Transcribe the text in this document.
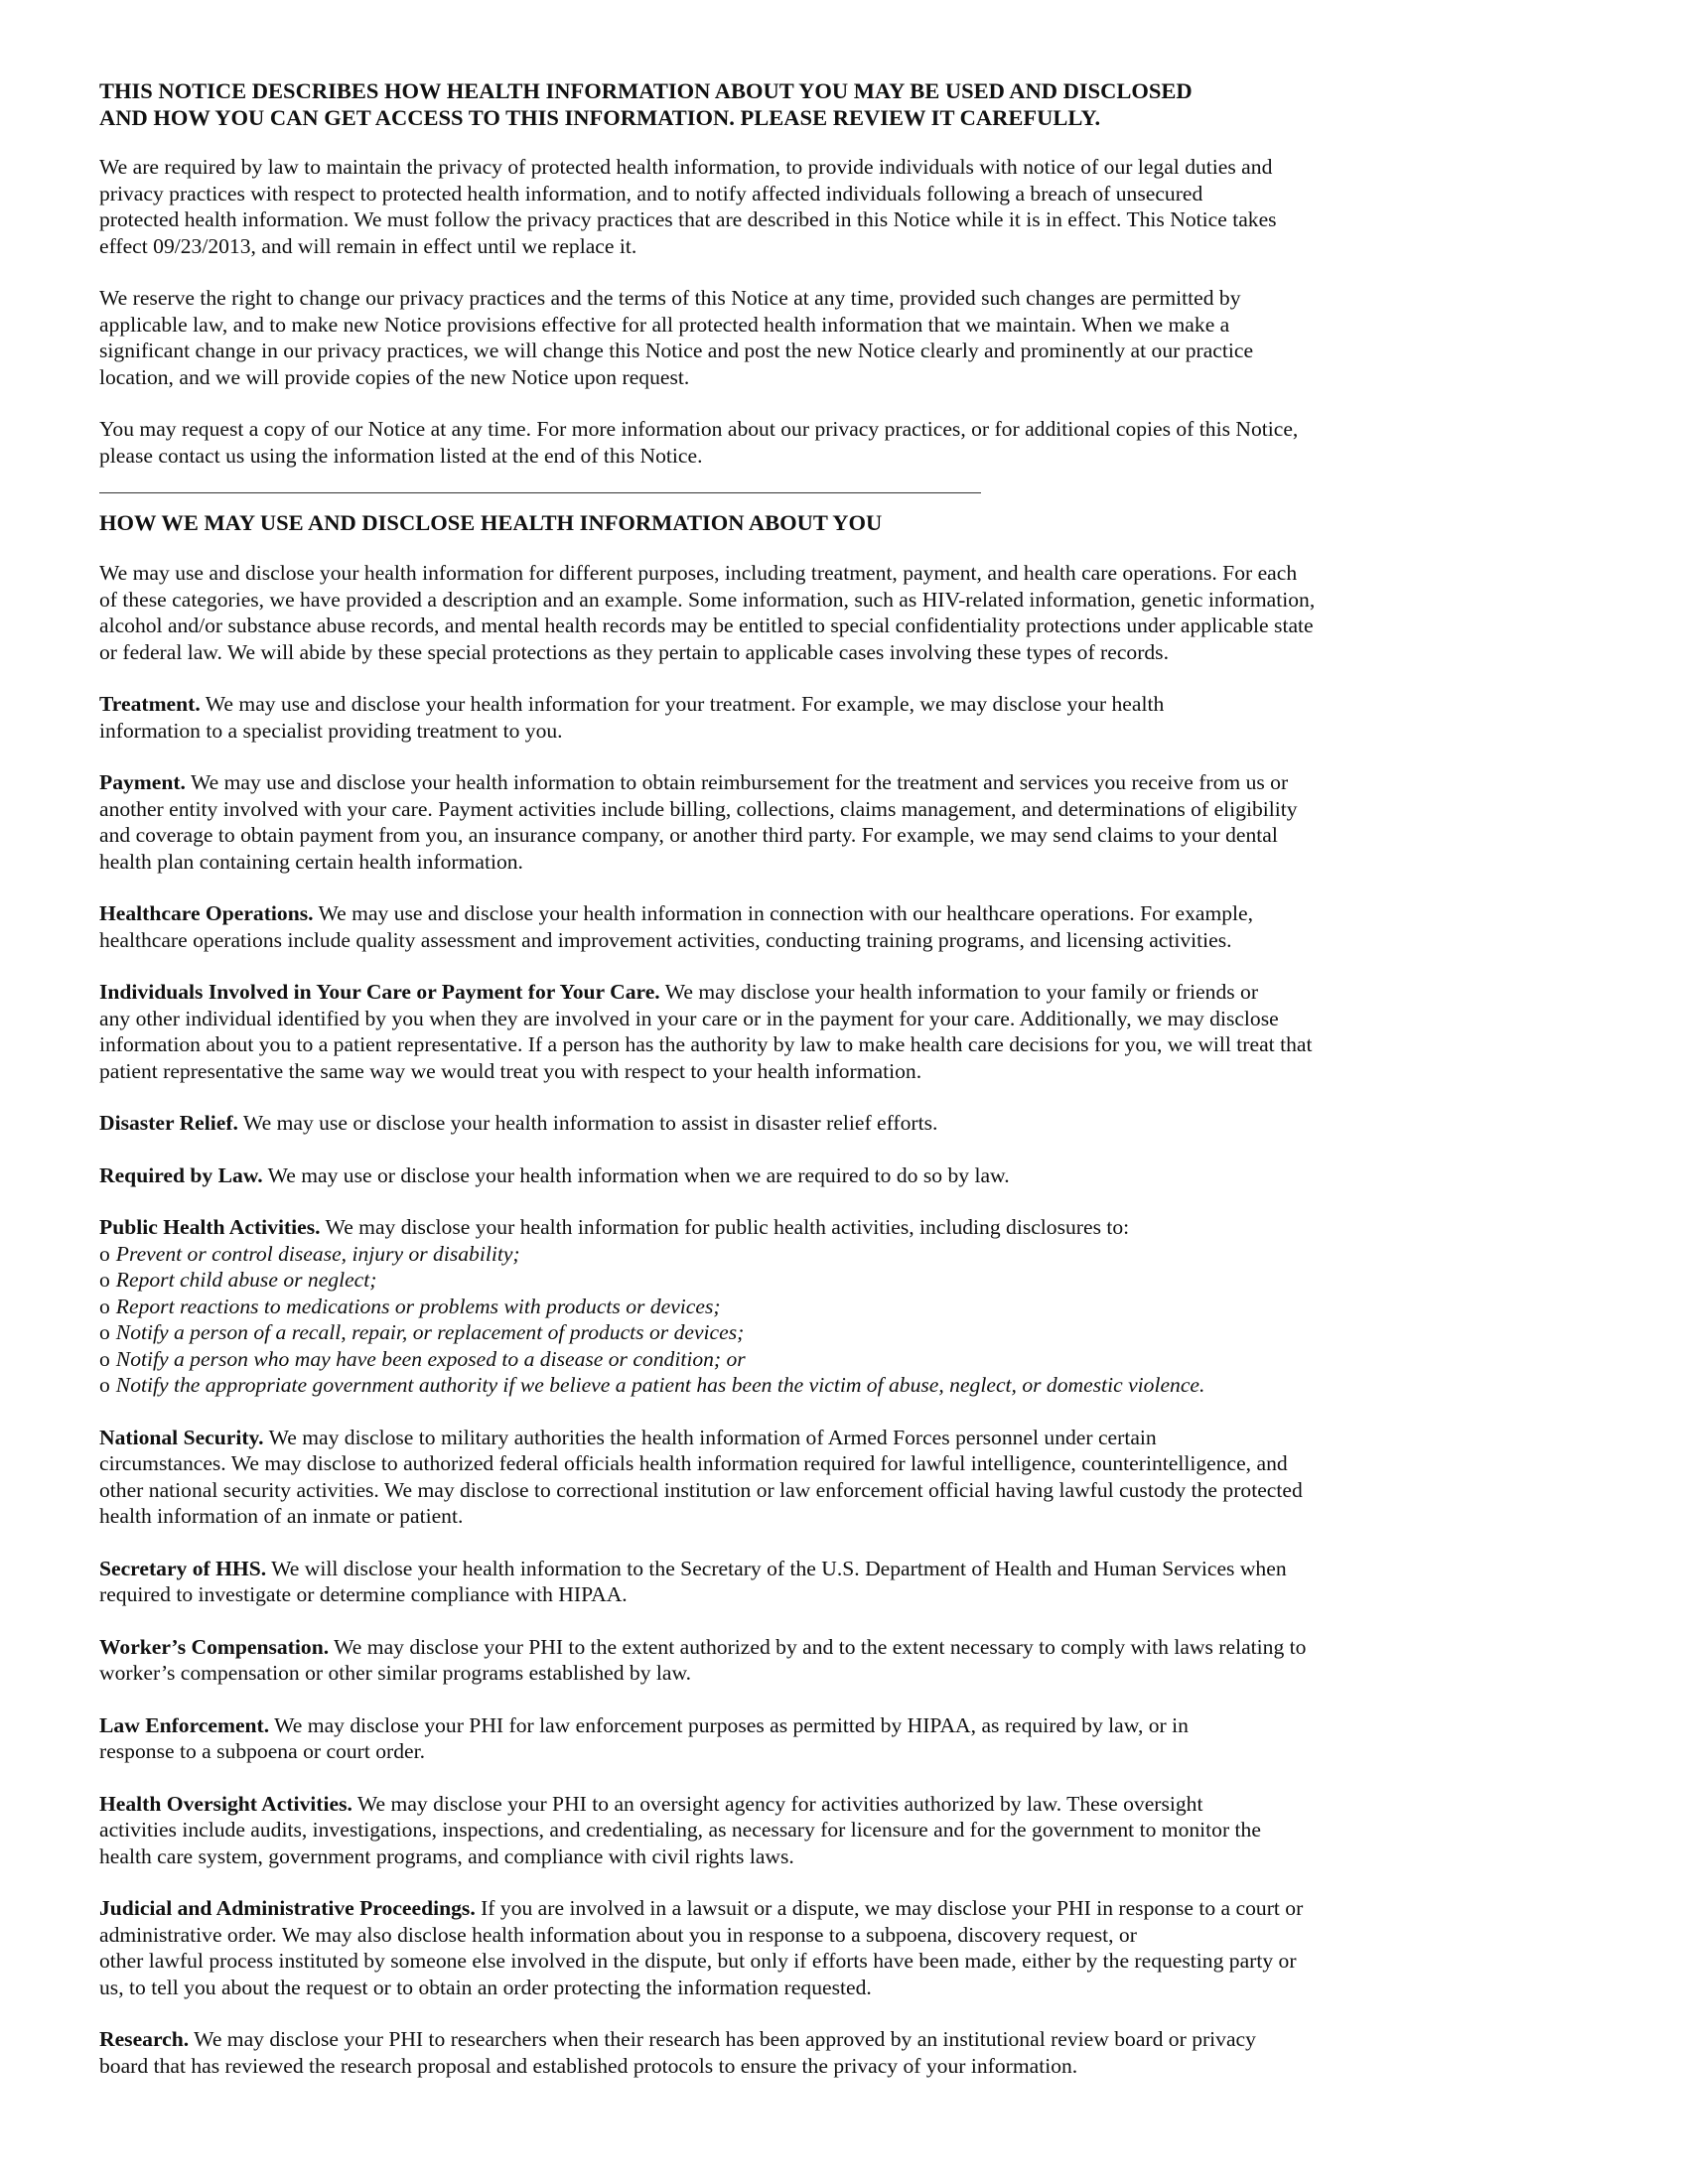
THIS NOTICE DESCRIBES HOW HEALTH INFORMATION ABOUT YOU MAY BE USED AND DISCLOSED
AND HOW YOU CAN GET ACCESS TO THIS INFORMATION. PLEASE REVIEW IT CAREFULLY.

We are required by law to maintain the privacy of protected health information, to provide individuals with notice of our legal duties and
privacy practices with respect to protected health information, and to notify affected individuals following a breach of unsecured
protected health information. We must follow the privacy practices that are described in this Notice while it is in effect. This Notice takes
effect 09/23/2013, and will remain in effect until we replace it.

We reserve the right to change our privacy practices and the terms of this Notice at any time, provided such changes are permitted by
applicable law, and to make new Notice provisions effective for all protected health information that we maintain. When we make a
significant change in our privacy practices, we will change this Notice and post the new Notice clearly and prominently at our practice
location, and we will provide copies of the new Notice upon request.

You may request a copy of our Notice at any time. For more information about our privacy practices, or for additional copies of this Notice,
please contact us using the information listed at the end of this Notice.

HOW WE MAY USE AND DISCLOSE HEALTH INFORMATION ABOUT YOU

We may use and disclose your health information for different purposes, including treatment, payment, and health care operations. For each
of these categories, we have provided a description and an example. Some information, such as HIV-related information, genetic information,
alcohol and/or substance abuse records, and mental health records may be entitled to special confidentiality protections under applicable state
or federal law. We will abide by these special protections as they pertain to applicable cases involving these types of records.

Treatment. We may use and disclose your health information for your treatment. For example, we may disclose your health
information to a specialist providing treatment to you.

Payment. We may use and disclose your health information to obtain reimbursement for the treatment and services you receive from us or
another entity involved with your care. Payment activities include billing, collections, claims management, and determinations of eligibility
and coverage to obtain payment from you, an insurance company, or another third party. For example, we may send claims to your dental
health plan containing certain health information.

Healthcare Operations. We may use and disclose your health information in connection with our healthcare operations. For example,
healthcare operations include quality assessment and improvement activities, conducting training programs, and licensing activities.

Individuals Involved in Your Care or Payment for Your Care. We may disclose your health information to your family or friends or
any other individual identified by you when they are involved in your care or in the payment for your care. Additionally, we may disclose
information about you to a patient representative. If a person has the authority by law to make health care decisions for you, we will treat that
patient representative the same way we would treat you with respect to your health information.

Disaster Relief. We may use or disclose your health information to assist in disaster relief efforts.

Required by Law. We may use or disclose your health information when we are required to do so by law.

Public Health Activities. We may disclose your health information for public health activities, including disclosures to:

o Prevent or control disease, injury or disability;
o Report child abuse or neglect;
o Report reactions to medications or problems with products or devices;
o Notify a person of a recall, repair, or replacement of products or devices;
o Notify a person who may have been exposed to a disease or condition; or
o Notify the appropriate government authority if we believe a patient has been the victim of abuse, neglect, or domestic violence.

National Security. We may disclose to military authorities the health information of Armed Forces personnel under certain
circumstances. We may disclose to authorized federal officials health information required for lawful intelligence, counterintelligence, and
other national security activities. We may disclose to correctional institution or law enforcement official having lawful custody the protected
health information of an inmate or patient.

Secretary of HHS. We will disclose your health information to the Secretary of the U.S. Department of Health and Human Services when
required to investigate or determine compliance with HIPAA.

Worker’s Compensation. We may disclose your PHI to the extent authorized by and to the extent necessary to comply with laws relating to
worker’s compensation or other similar programs established by law.

Law Enforcement. We may disclose your PHI for law enforcement purposes as permitted by HIPAA, as required by law, or in
response to a subpoena or court order.

Health Oversight Activities. We may disclose your PHI to an oversight agency for activities authorized by law. These oversight
activities include audits, investigations, inspections, and credentialing, as necessary for licensure and for the government to monitor the
health care system, government programs, and compliance with civil rights laws.

Judicial and Administrative Proceedings. If you are involved in a lawsuit or a dispute, we may disclose your PHI in response to a court or
administrative order. We may also disclose health information about you in response to a subpoena, discovery request, or
other lawful process instituted by someone else involved in the dispute, but only if efforts have been made, either by the requesting party or
us, to tell you about the request or to obtain an order protecting the information requested.

Research. We may disclose your PHI to researchers when their research has been approved by an institutional review board or privacy
board that has reviewed the research proposal and established protocols to ensure the privacy of your information.
